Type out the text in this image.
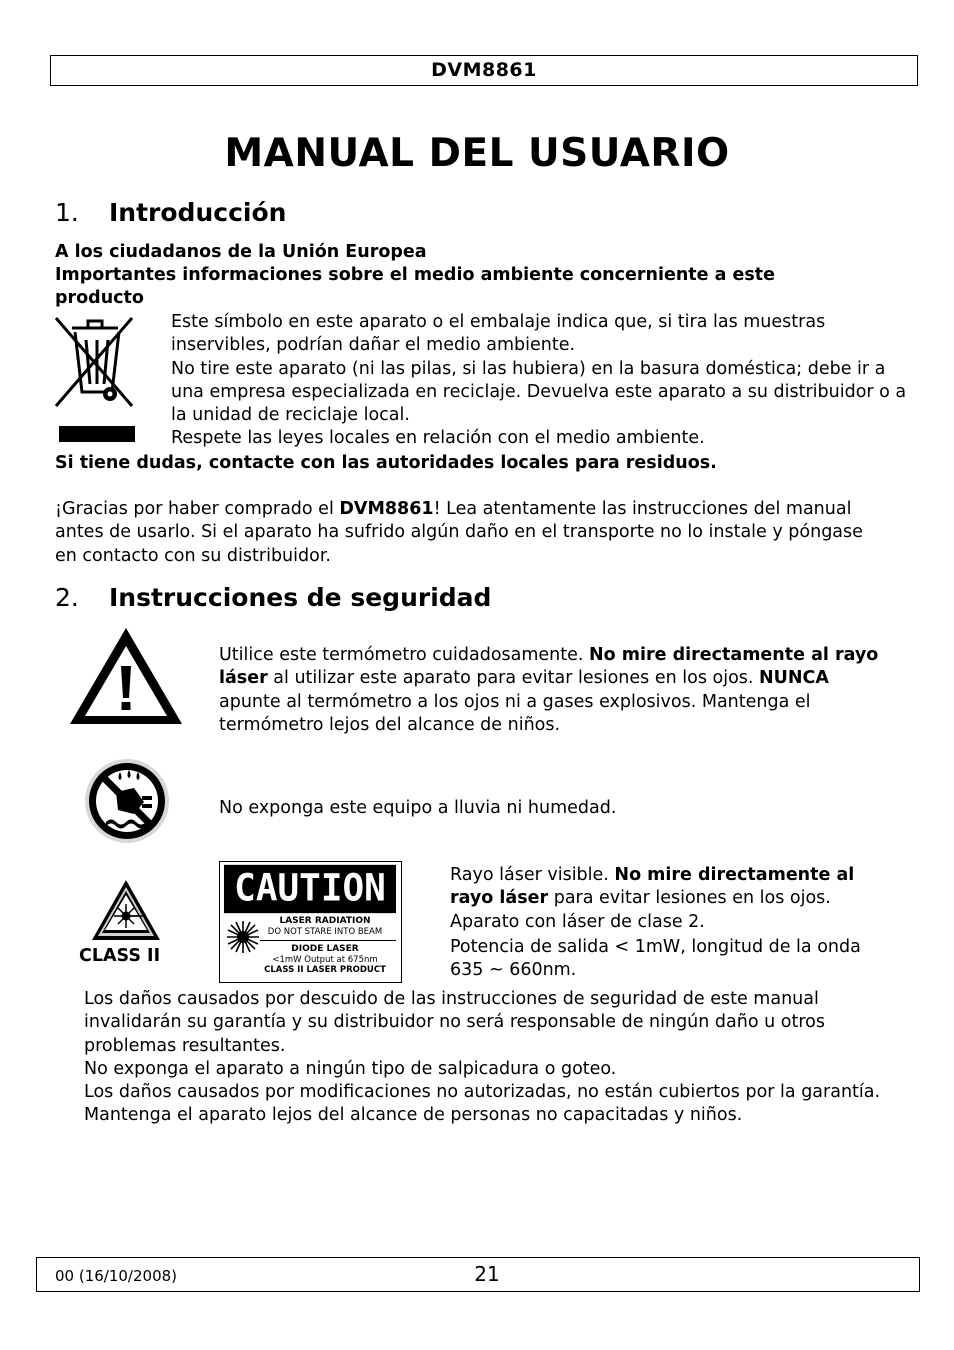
DVM8861
MANUAL DEL USUARIO
1. Introducción
A los ciudadanos de la Unión Europea
Importantes informaciones sobre el medio ambiente concerniente a este producto

Este símbolo en este aparato o el embalaje indica que, si tira las muestras inservibles, podrían dañar el medio ambiente.

No tire este aparato (ni las pilas, si las hubiera) en la basura doméstica; debe ir a una empresa especializada en reciclaje. Devuelva este aparato a su distribuidor o a la unidad de reciclaje local.

Respete las leyes locales en relación con el medio ambiente.

Si tiene dudas, contacte con las autoridades locales para residuos.
¡Gracias por haber comprado el DVM8861! Lea atentamente las instrucciones del manual antes de usarlo. Si el aparato ha sufrido algún daño en el transporte no lo instale y póngase en contacto con su distribuidor.
2. Instrucciones de seguridad
Utilice este termómetro cuidadosamente. No mire directamente al rayo láser al utilizar este aparato para evitar lesiones en los ojos. NUNCA apunte al termómetro a los ojos ni a gases explosivos. Mantenga el termómetro lejos del alcance de niños.
No exponga este equipo a lluvia ni humedad.
CLASS II
CAUTION
LASER RADIATION
DO NOT STARE INTO BEAM
DIODE LASER
<1mW Output at 675nm
CLASS II LASER PRODUCT

Rayo láser visible. No mire directamente al rayo láser para evitar lesiones en los ojos. Aparato con láser de clase 2.

Potencia de salida < 1mW, longitud de la onda 635 ~ 660nm.

Los daños causados por descuido de las instrucciones de seguridad de este manual invalidarán su garantía y su distribuidor no será responsable de ningún daño u otros problemas resultantes.

No exponga el aparato a ningún tipo de salpicadura o goteo.

Los daños causados por modificaciones no autorizadas, no están cubiertos por la garantía.

Mantenga el aparato lejos del alcance de personas no capacitadas y niños.

00 (16/10/2008)	21
